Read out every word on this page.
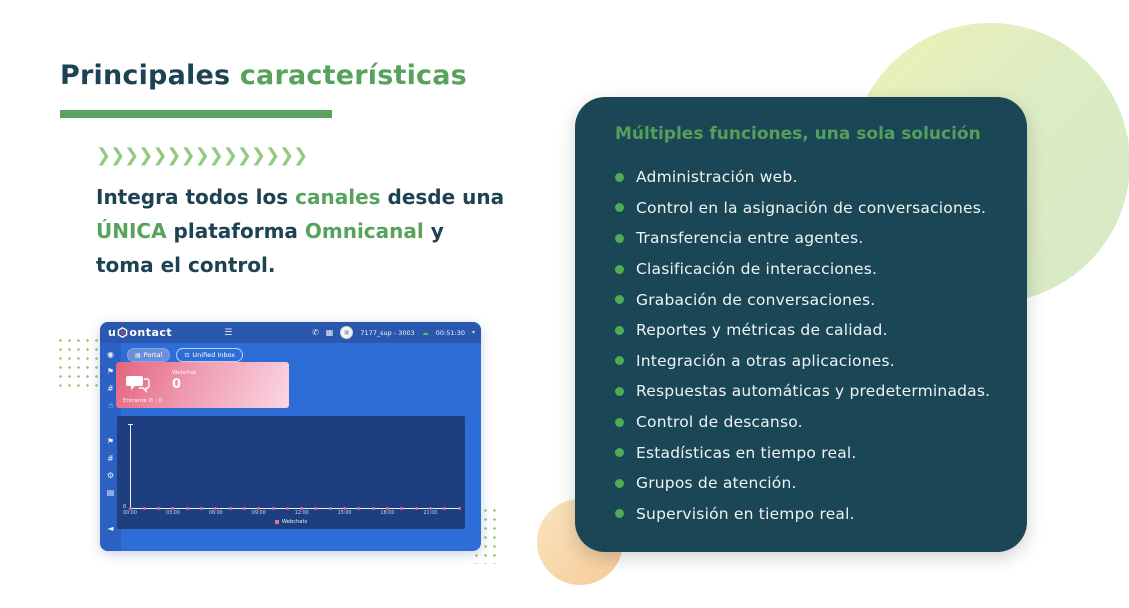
Principales características
❯❯❯❯❯❯❯❯❯❯❯❯❯❯❯
Integra todos los canales desde una
ÚNICA plataforma Omnicanal y
toma el control.
Múltiples funciones, una sola solución
Administración web.
Control en la asignación de conversaciones.
Transferencia entre agentes.
Clasificación de interacciones.
Grabación de conversaciones.
Reportes y métricas de calidad.
Integración a otras aplicaciones.
Respuestas automáticas y predeterminadas.
Control de descanso.
Estadísticas en tiempo real.
Grupos de atención.
Supervisión en tiempo real.
u ontact	☰	✆ ▦	▣	7177_sup - 3003 ☁ 00:51:30 ▾
◉
⚑
#
☝
⚑
#
⚙
▤
◄
▤ Portal	⊡ Unified Inbox
Webchat
0
Entrante ✆ : 0
0
Webchats
00:00	03:00	06:00	09:00	12:00	15:00	18:00	21:00
